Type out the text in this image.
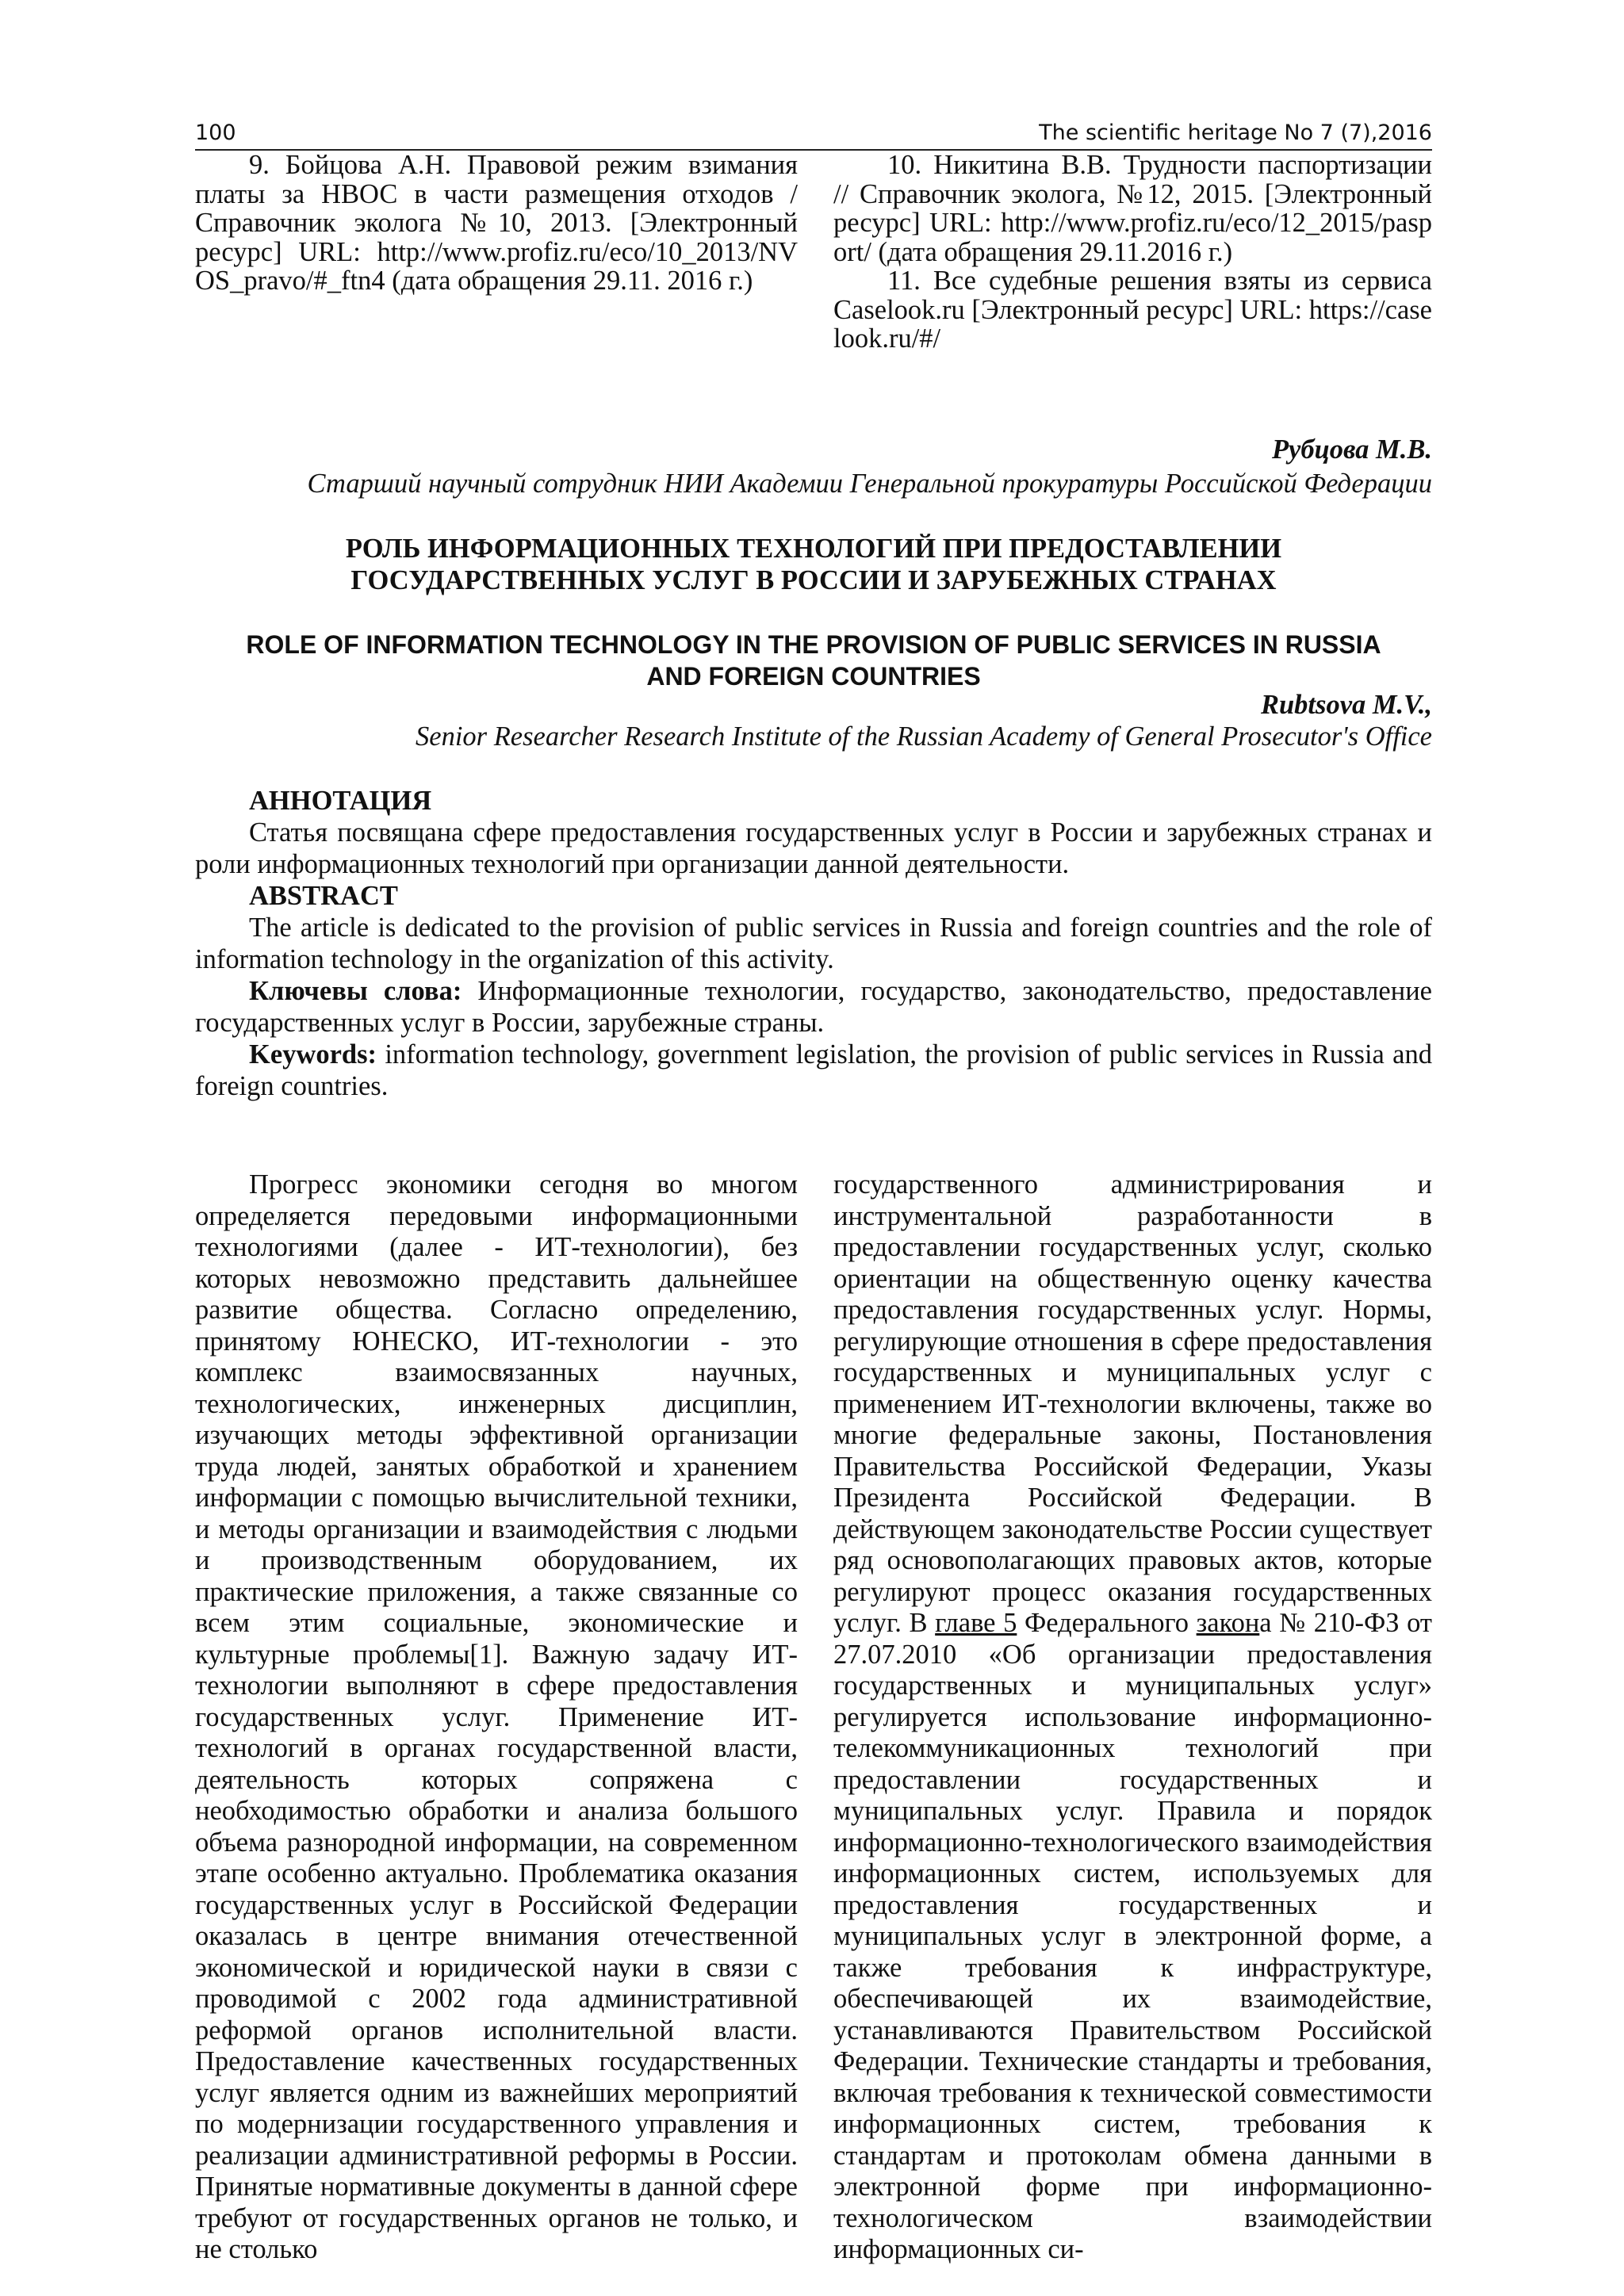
100	The scientific heritage No 7 (7),2016

9. Бойцова А.Н. Правовой режим взимания платы за НВОС в части размещения отходов / Справочник эколога №10, 2013. [Электронный ресурс] URL: http://www.profiz.ru/eco/10_2013/NVOS_pravo/#_ftn4 (дата обращения 29.11. 2016 г.)

10. Никитина В.В. Трудности паспортизации // Справочник эколога, №12, 2015. [Электронный ресурс] URL: http://www.profiz.ru/eco/12_2015/pasport/ (дата обращения 29.11.2016 г.)

11. Все судебные решения взяты из сервиса Caselook.ru [Электронный ресурс] URL: https://caselook.ru/#/

Рубцова М.В.
Старший научный сотрудник НИИ Академии Генеральной прокуратуры Российской Федерации
РОЛЬ ИНФОРМАЦИОННЫХ ТЕХНОЛОГИЙ ПРИ ПРЕДОСТАВЛЕНИИ
ГОСУДАРСТВЕННЫХ УСЛУГ В РОССИИ И ЗАРУБЕЖНЫХ СТРАНАХ
ROLE OF INFORMATION TECHNOLOGY IN THE PROVISION OF PUBLIC SERVICES IN RUSSIA
AND FOREIGN COUNTRIES
Rubtsova M.V.,
Senior Researcher Research Institute of the Russian Academy of General Prosecutor's Office

АННОТАЦИЯ

Статья посвящана сфере предоставления государственных услуг в России и зарубежных странах и роли информационных технологий при организации данной деятельности.

ABSTRACT

The article is dedicated to the provision of public services in Russia and foreign countries and the role of information technology in the organization of this activity.

Ключевы слова: Информационные технологии, государство, законодательство, предоставление государственных услуг в России, зарубежные страны.

Keywords: information technology, government legislation, the provision of public services in Russia and foreign countries.

Прогресс экономики сегодня во многом определяется передовыми информационными технологиями (далее - ИТ-технологии), без которых невозможно представить дальнейшее развитие общества. Согласно определению, принятому ЮНЕСКО, ИТ-технологии - это комплекс взаимосвязанных научных, технологических, инженерных дисциплин, изучающих методы эффективной организации труда людей, занятых обработкой и хранением информации с помощью вычислительной техники, и методы организации и взаимодействия с людьми и производственным оборудованием, их практические приложения, а также связанные со всем этим социальные, экономические и культурные проблемы[1]. Важную задачу ИТ-технологии выполняют в сфере предоставления государственных услуг. Применение ИТ-технологий в органах государственной власти, деятельность которых сопряжена с необходимостью обработки и анализа большого объема разнородной информации, на современном этапе особенно актуально. Проблематика оказания государственных услуг в Российской Федерации оказалась в центре внимания отечественной экономической и юридической науки в связи с проводимой с 2002 года административной реформой органов исполнительной власти. Предоставление качественных государственных услуг является одним из важнейших мероприятий по модернизации государственного управления и реализации административной реформы в России. Принятые нормативные документы в данной сфере требуют от государственных органов не только, и не столько

государственного администрирования и инструментальной разработанности в предоставлении государственных услуг, сколько ориентации на общественную оценку качества предоставления государственных услуг. Нормы, регулирующие отношения в сфере предоставления государственных и муниципальных услуг с применением ИТ-технологии включены, также во многие федеральные законы, Постановления Правительства Российской Федерации, Указы Президента Российской Федерации. В действующем законодательстве России существует ряд основополагающих правовых актов, которые регулируют процесс оказания государственных услуг. В главе 5 Федерального закона № 210-ФЗ от 27.07.2010 «Об организации предоставления государственных и муниципальных услуг» регулируется использование информационно-телекоммуникационных технологий при предоставлении государственных и муниципальных услуг. Правила и порядок информационно-технологического взаимодействия информационных систем, используемых для предоставления государственных и муниципальных услуг в электронной форме, а также требования к инфраструктуре, обеспечивающей их взаимодействие, устанавливаются Правительством Российской Федерации. Технические стандарты и требования, включая требования к технической совместимости информационных систем, требования к стандартам и протоколам обмена данными в электронной форме при информационно-технологическом взаимодействии информационных си-
